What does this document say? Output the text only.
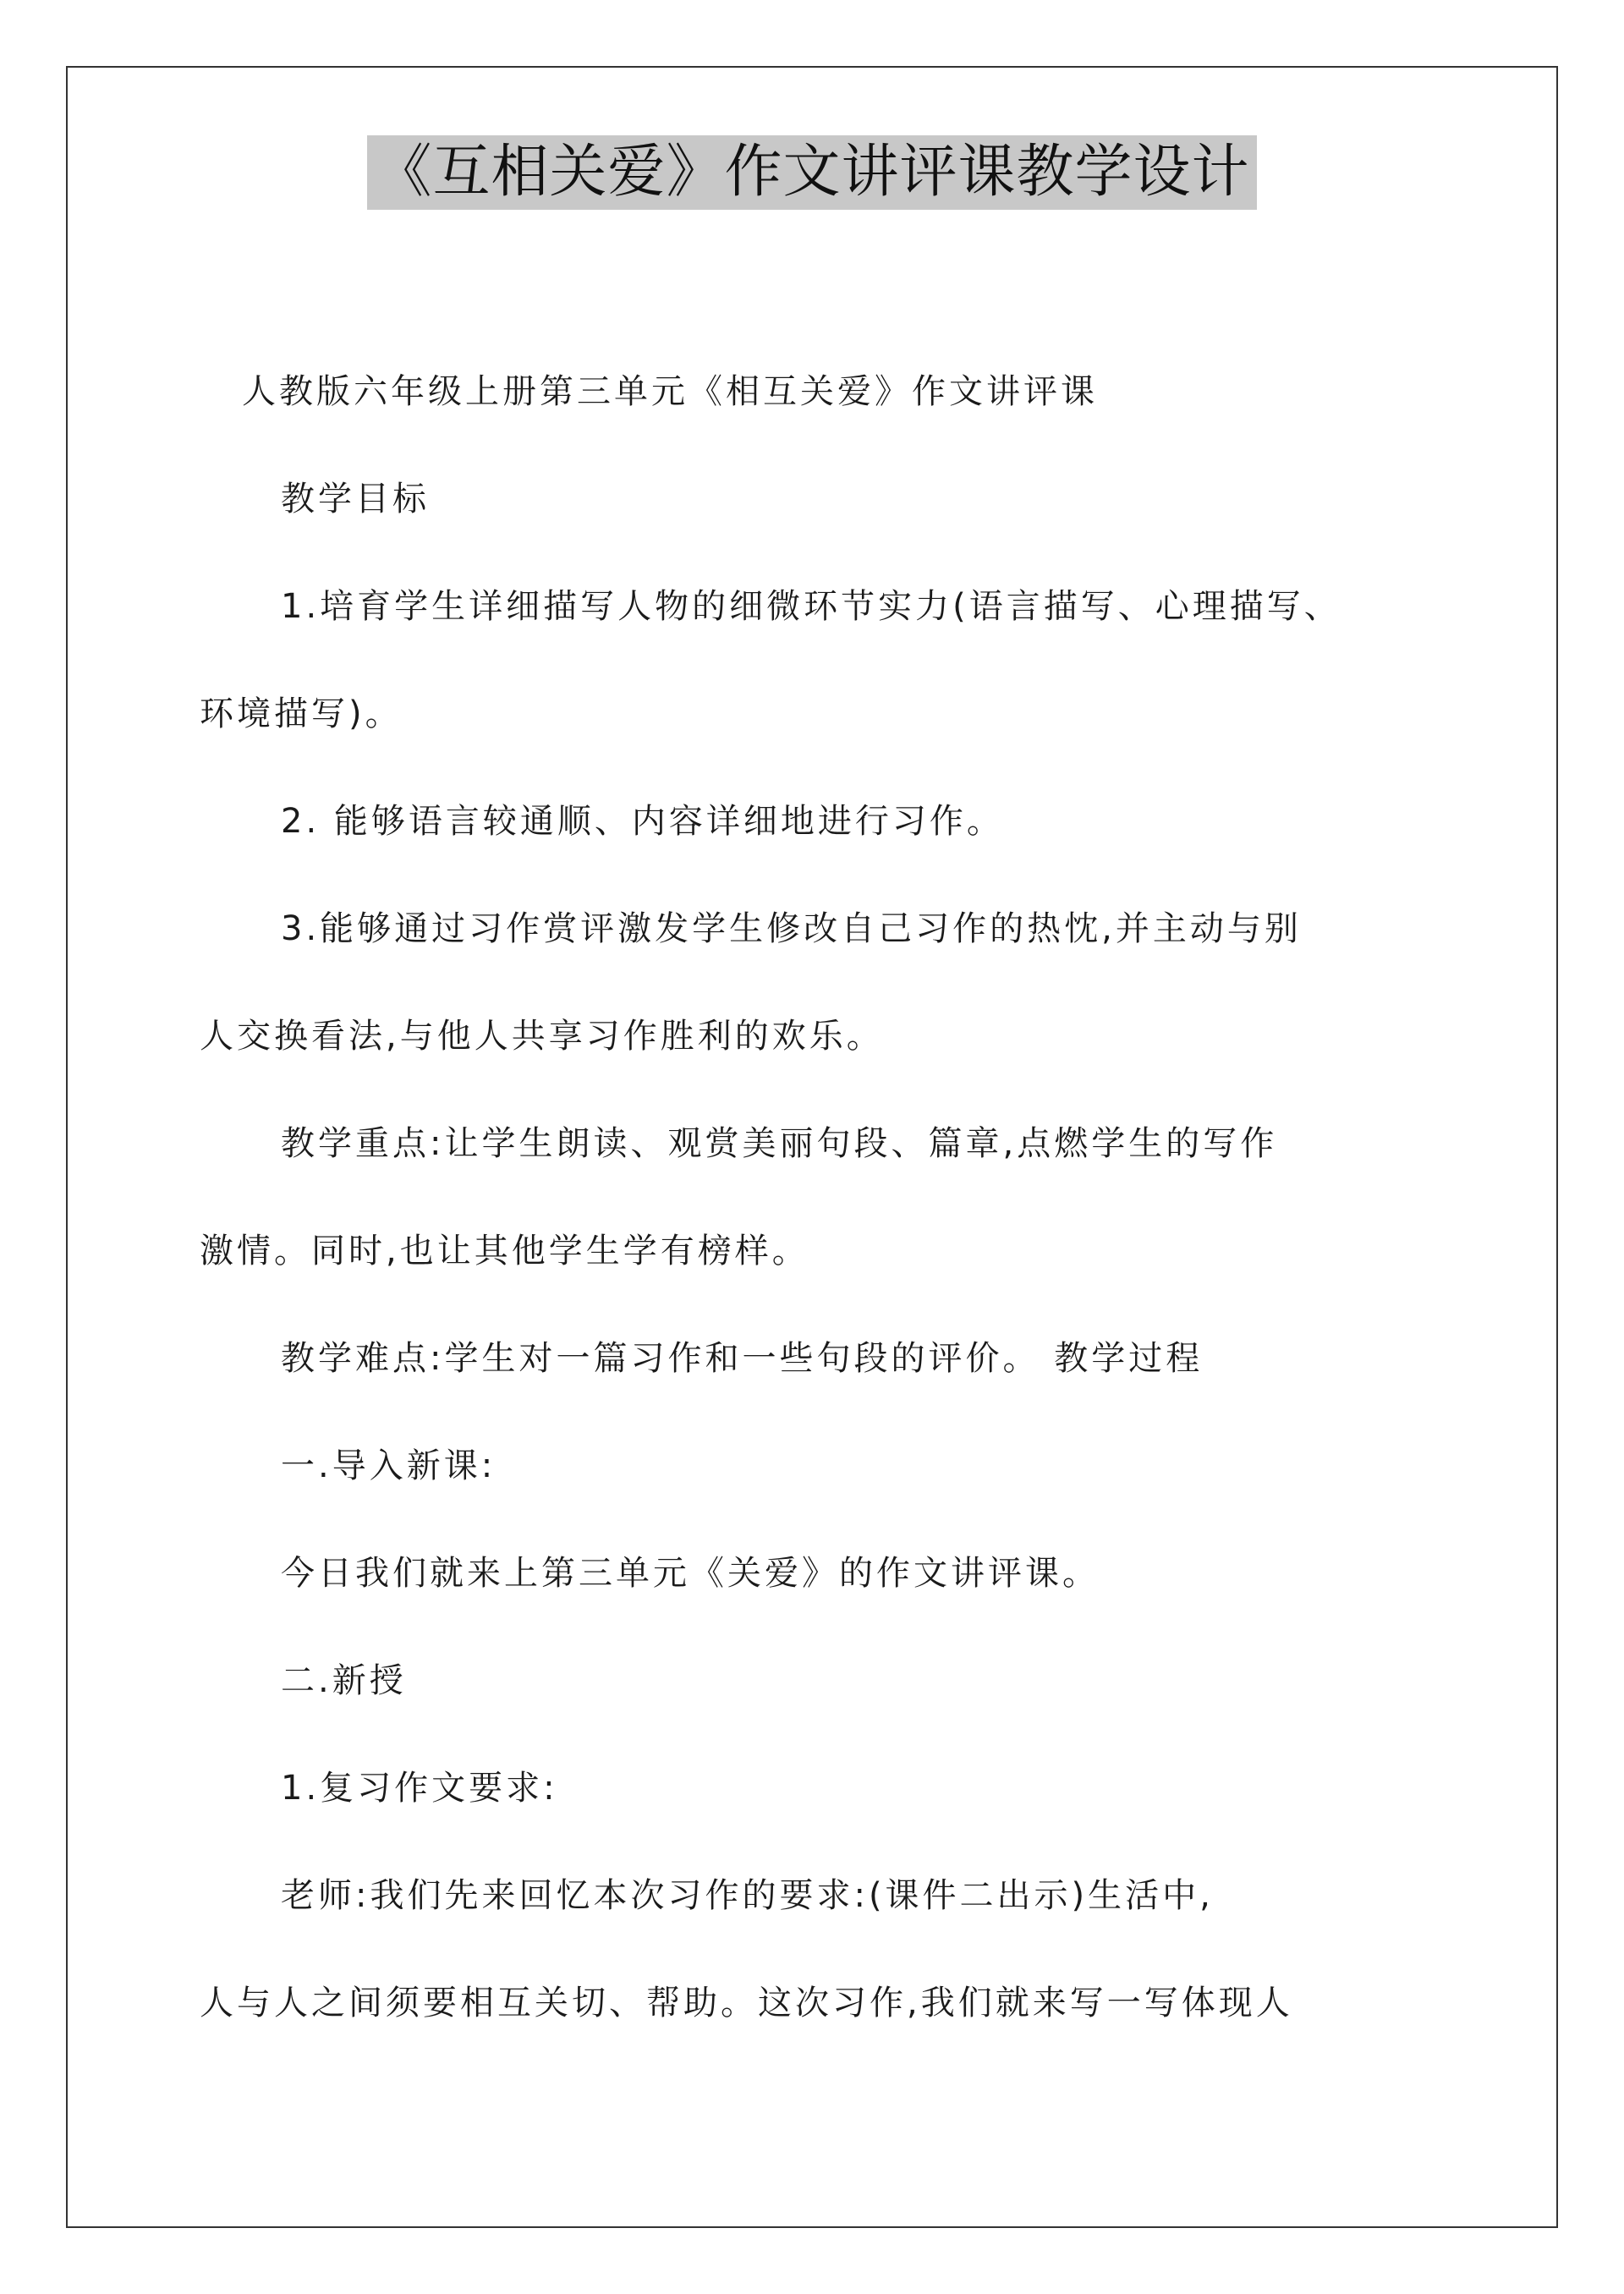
《互相关爱》作文讲评课教学设计

人教版六年级上册第三单元《相互关爱》作文讲评课

教学目标

1.培育学生详细描写人物的细微环节实力(语言描写、心理描写、

环境描写)。

2. 能够语言较通顺、内容详细地进行习作。

3.能够通过习作赏评激发学生修改自己习作的热忱,并主动与别

人交换看法,与他人共享习作胜利的欢乐。

教学重点:让学生朗读、观赏美丽句段、篇章,点燃学生的写作

激情。同时,也让其他学生学有榜样。

教学难点:学生对一篇习作和一些句段的评价。 教学过程

一.导入新课:

今日我们就来上第三单元《关爱》的作文讲评课。

二.新授

1.复习作文要求:

老师:我们先来回忆本次习作的要求:(课件二出示)生活中,

人与人之间须要相互关切、帮助。这次习作,我们就来写一写体现人
